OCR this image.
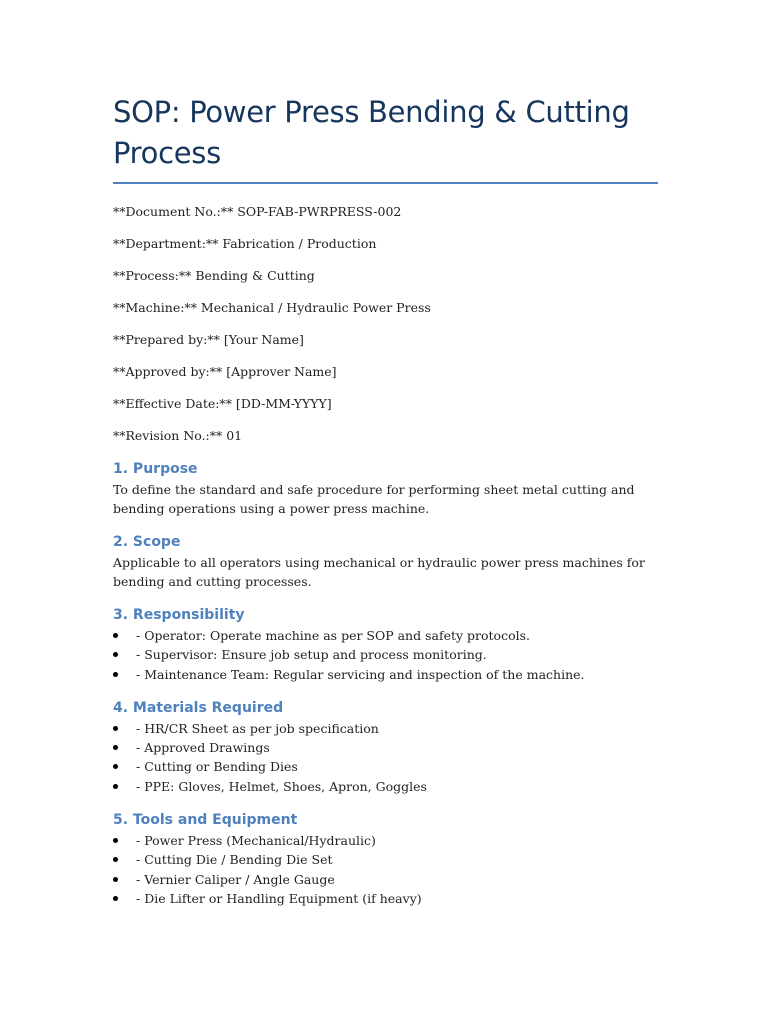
SOP: Power Press Bending & Cutting Process

**Document No.:** SOP-FAB-PWRPRESS-002

**Department:** Fabrication / Production

**Process:** Bending & Cutting

**Machine:** Mechanical / Hydraulic Power Press

**Prepared by:** [Your Name]

**Approved by:** [Approver Name]

**Effective Date:** [DD-MM-YYYY]

**Revision No.:** 01

1. Purpose

To define the standard and safe procedure for performing sheet metal cutting and bending operations using a power press machine.

2. Scope

Applicable to all operators using mechanical or hydraulic power press machines for bending and cutting processes.

3. Responsibility
- Operator: Operate machine as per SOP and safety protocols.
- Supervisor: Ensure job setup and process monitoring.
- Maintenance Team: Regular servicing and inspection of the machine.
4. Materials Required
- HR/CR Sheet as per job specification
- Approved Drawings
- Cutting or Bending Dies
- PPE: Gloves, Helmet, Shoes, Apron, Goggles
5. Tools and Equipment
- Power Press (Mechanical/Hydraulic)
- Cutting Die / Bending Die Set
- Vernier Caliper / Angle Gauge
- Die Lifter or Handling Equipment (if heavy)
